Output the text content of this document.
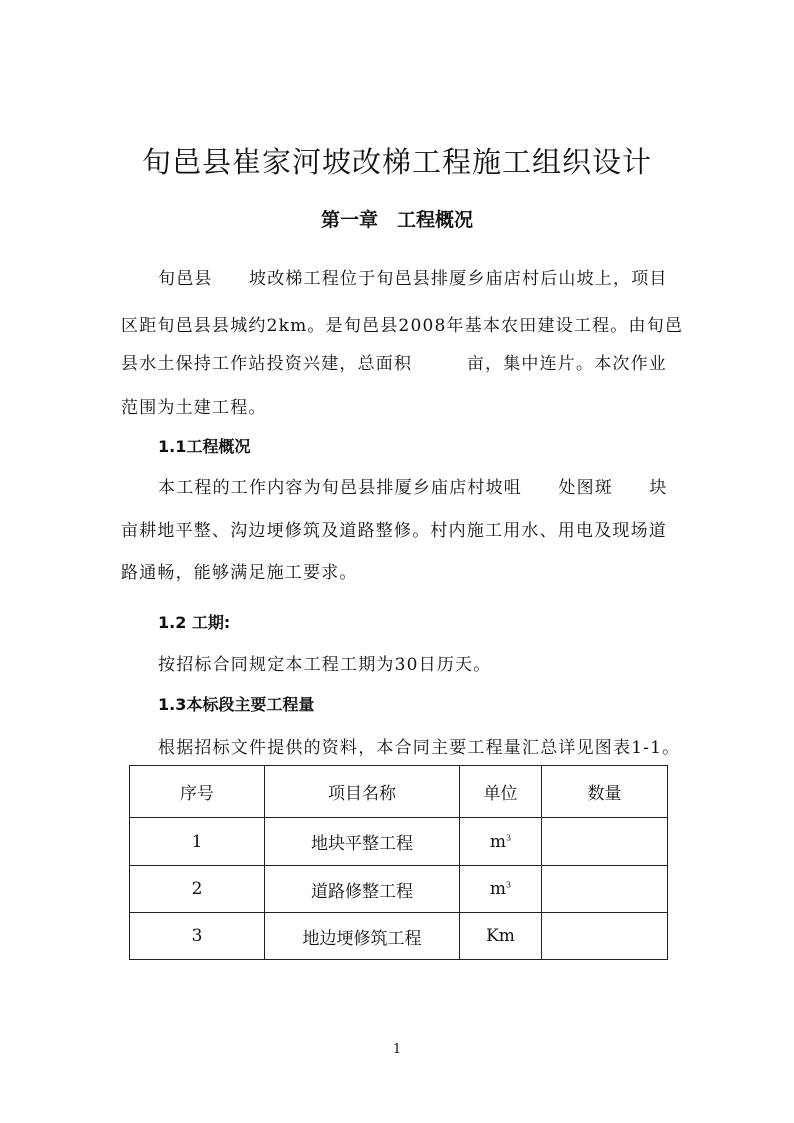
旬邑县崔家河坡改梯工程施工组织设计
第一章　工程概况
旬邑县　　坡改梯工程位于旬邑县排厦乡庙店村后山坡上，项目
区距旬邑县县城约2km。是旬邑县2008年基本农田建设工程。由旬邑
县水土保持工作站投资兴建，总面积　　　亩，集中连片。本次作业
范围为土建工程。
1.1工程概况
本工程的工作内容为旬邑县排厦乡庙店村坡咀　　处图斑　　块
亩耕地平整、沟边埂修筑及道路整修。村内施工用水、用电及现场道
路通畅，能够满足施工要求。
1.2 工期:
按招标合同规定本工程工期为30日历天。
1.3本标段主要工程量
根据招标文件提供的资料，本合同主要工程量汇总详见图表1-1。
序号	项目名称	单位	数量
1	地块平整工程	$m^3$	
2	道路修整工程	$m^3$	
3	地边埂修筑工程	Km	
1
